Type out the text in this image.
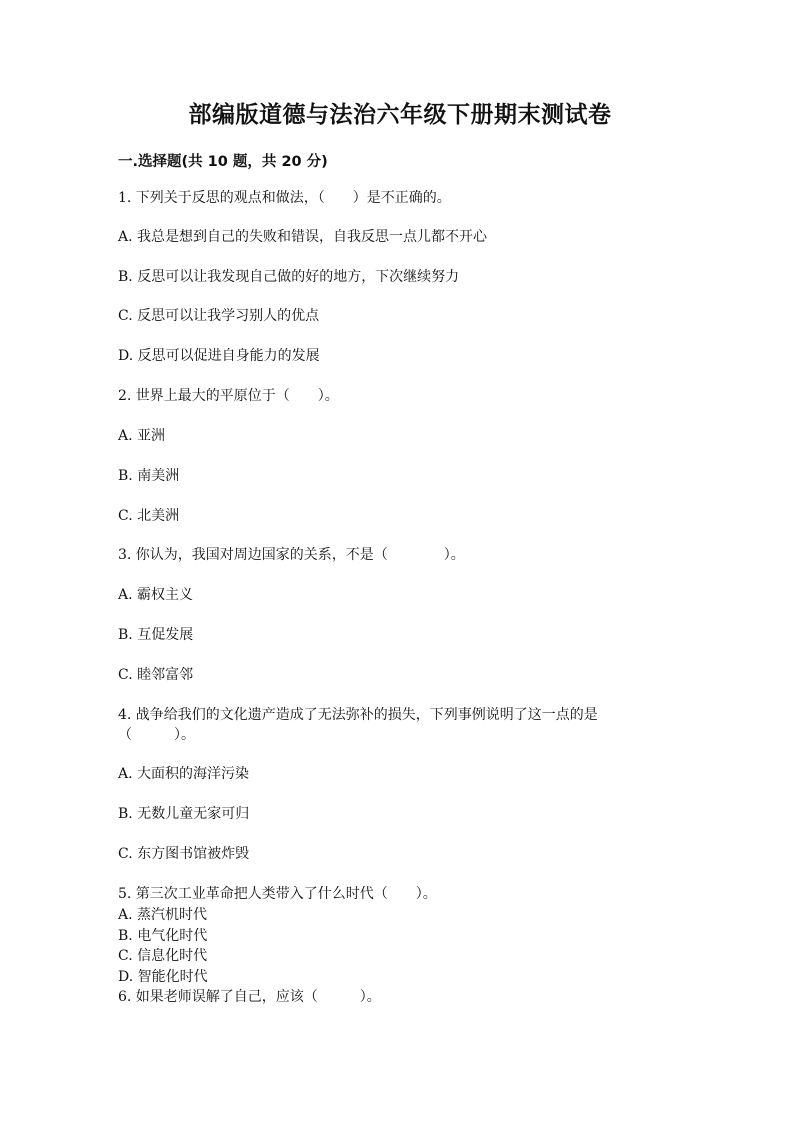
部编版道德与法治六年级下册期末测试卷
一.选择题(共 10 题，共 20 分)
1. 下列关于反思的观点和做法，（　　）是不正确的。
A. 我总是想到自己的失败和错误，自我反思一点儿都不开心
B. 反思可以让我发现自己做的好的地方，下次继续努力
C. 反思可以让我学习别人的优点
D. 反思可以促进自身能力的发展
2. 世界上最大的平原位于（　　）。
A. 亚洲
B. 南美洲
C. 北美洲
3. 你认为，我国对周边国家的关系，不是（　　　　）。
A. 霸权主义
B. 互促发展
C. 睦邻富邻
4. 战争给我们的文化遗产造成了无法弥补的损失，下列事例说明了这一点的是
（　　　）。
A. 大面积的海洋污染
B. 无数儿童无家可归
C. 东方图书馆被炸毁
5. 第三次工业革命把人类带入了什么时代（　　）。
A. 蒸汽机时代
B. 电气化时代
C. 信息化时代
D. 智能化时代
6. 如果老师误解了自己，应该（　　　）。
